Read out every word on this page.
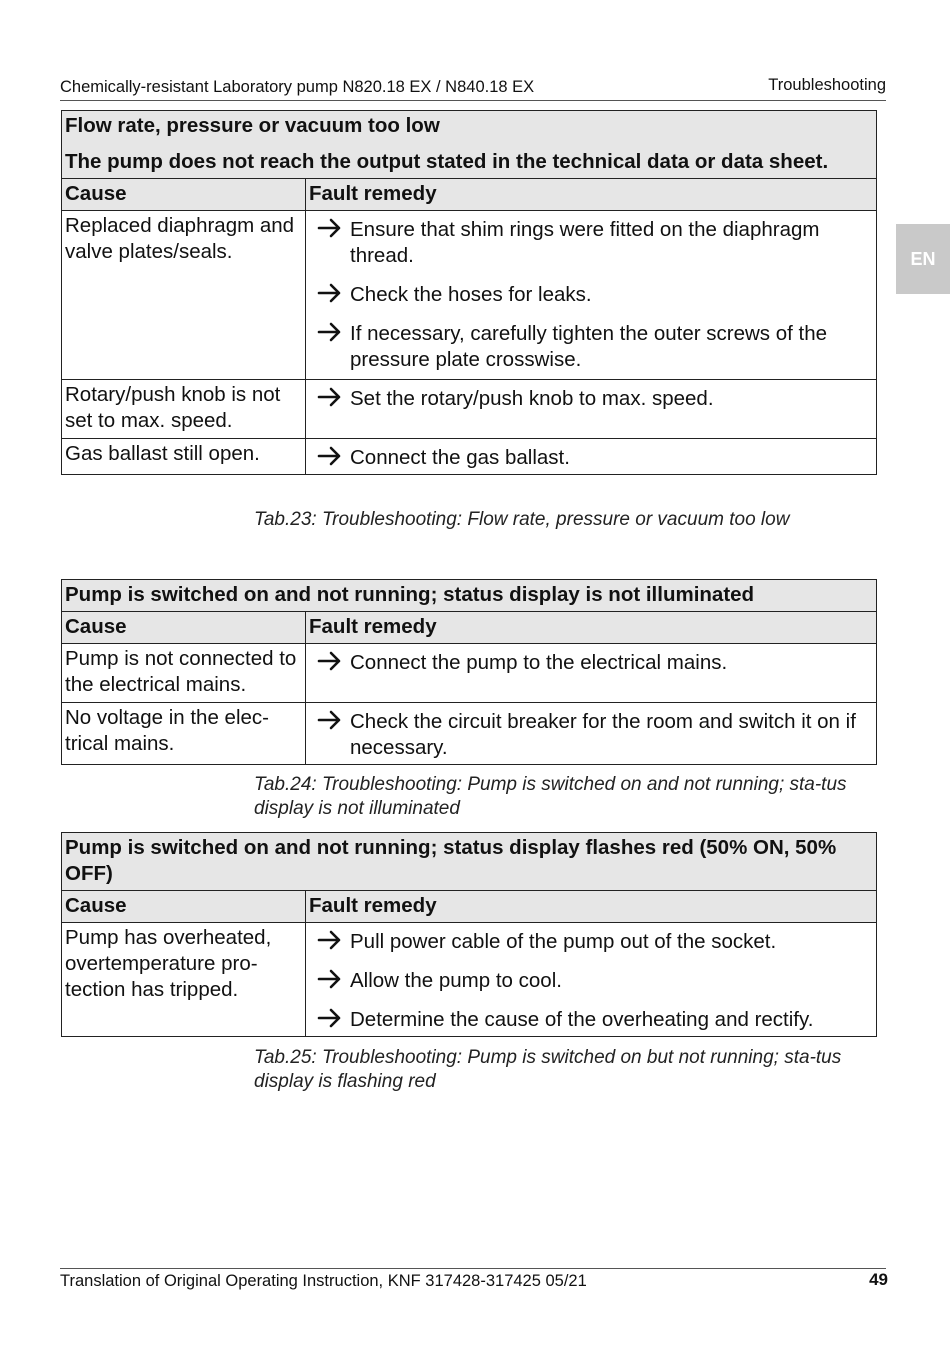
Chemically-resistant Laboratory pump N820.18 EX / N840.18 EX	Troubleshooting
EN

Flow rate, pressure or vacuum too low

The pump does not reach the output stated in the technical data or data sheet.	

Cause	Fault remedy
Replaced diaphragm and valve plates/seals.	Ensure that shim rings were fitted on the diaphragm thread.
Check the hoses for leaks.
If necessary, carefully tighten the outer screws of the pressure plate crosswise.

Rotary/push knob is not set to max. speed.	Set the rotary/push knob to max. speed.

Gas ballast still open.	Connect the gas ballast.
Tab.23: Troubleshooting: Flow rate, pressure or vacuum too low

Pump is switched on and not running; status display is not illuminated	

Cause	Fault remedy
Pump is not connected to the electrical mains.	Connect the pump to the electrical mains.

No voltage in the elec-trical mains.	Check the circuit breaker for the room and switch it on if necessary.
Tab.24: Troubleshooting: Pump is switched on and not running; sta-tus display is not illuminated

Pump is switched on and not running; status display flashes red (50% ON, 50% OFF)	

Cause	Fault remedy
Pump has overheated, overtemperature pro-tection has tripped.	Pull power cable of the pump out of the socket.
Allow the pump to cool.
Determine the cause of the overheating and rectify.
Tab.25: Troubleshooting: Pump is switched on but not running; sta-tus display is flashing red
Translation of Original Operating Instruction, KNF 317428-317425 05/21	49
